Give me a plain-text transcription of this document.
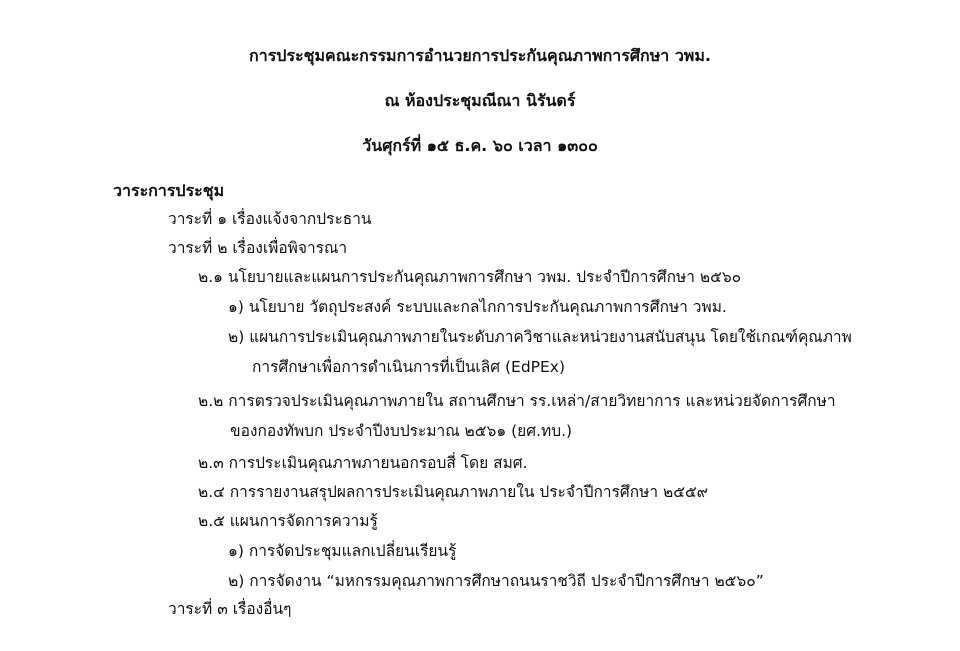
การประชุมคณะกรรมการอำนวยการประกันคุณภาพการศึกษา วพม.
ณ ห้องประชุมณีณา นิรันดร์
วันศุกร์ที่ ๑๕ ธ.ค. ๖๐ เวลา ๑๓๐๐
วาระการประชุม
วาระที่ ๑ เรื่องแจ้งจากประธาน
วาระที่ ๒ เรื่องเพื่อพิจารณา
๒.๑ นโยบายและแผนการประกันคุณภาพการศึกษา วพม. ประจำปีการศึกษา ๒๕๖๐
๑) นโยบาย วัตถุประสงค์ ระบบและกลไกการประกันคุณภาพการศึกษา วพม.
๒) แผนการประเมินคุณภาพภายในระดับภาควิชาและหน่วยงานสนับสนุน โดยใช้เกณฑ์คุณภาพ
การศึกษาเพื่อการดำเนินการที่เป็นเลิศ (EdPEx)
๒.๒ การตรวจประเมินคุณภาพภายใน สถานศึกษา รร.เหล่า/สายวิทยาการ และหน่วยจัดการศึกษา
ของกองทัพบก ประจำปีงบประมาณ ๒๕๖๑ (ยศ.ทบ.)
๒.๓ การประเมินคุณภาพภายนอกรอบสี่ โดย สมศ.
๒.๔ การรายงานสรุปผลการประเมินคุณภาพภายใน ประจำปีการศึกษา ๒๕๕๙
๒.๕ แผนการจัดการความรู้
๑) การจัดประชุมแลกเปลี่ยนเรียนรู้
๒) การจัดงาน “มหกรรมคุณภาพการศึกษาถนนราชวิถี ประจำปีการศึกษา ๒๕๖๐”
วาระที่ ๓ เรื่องอื่นๆ
